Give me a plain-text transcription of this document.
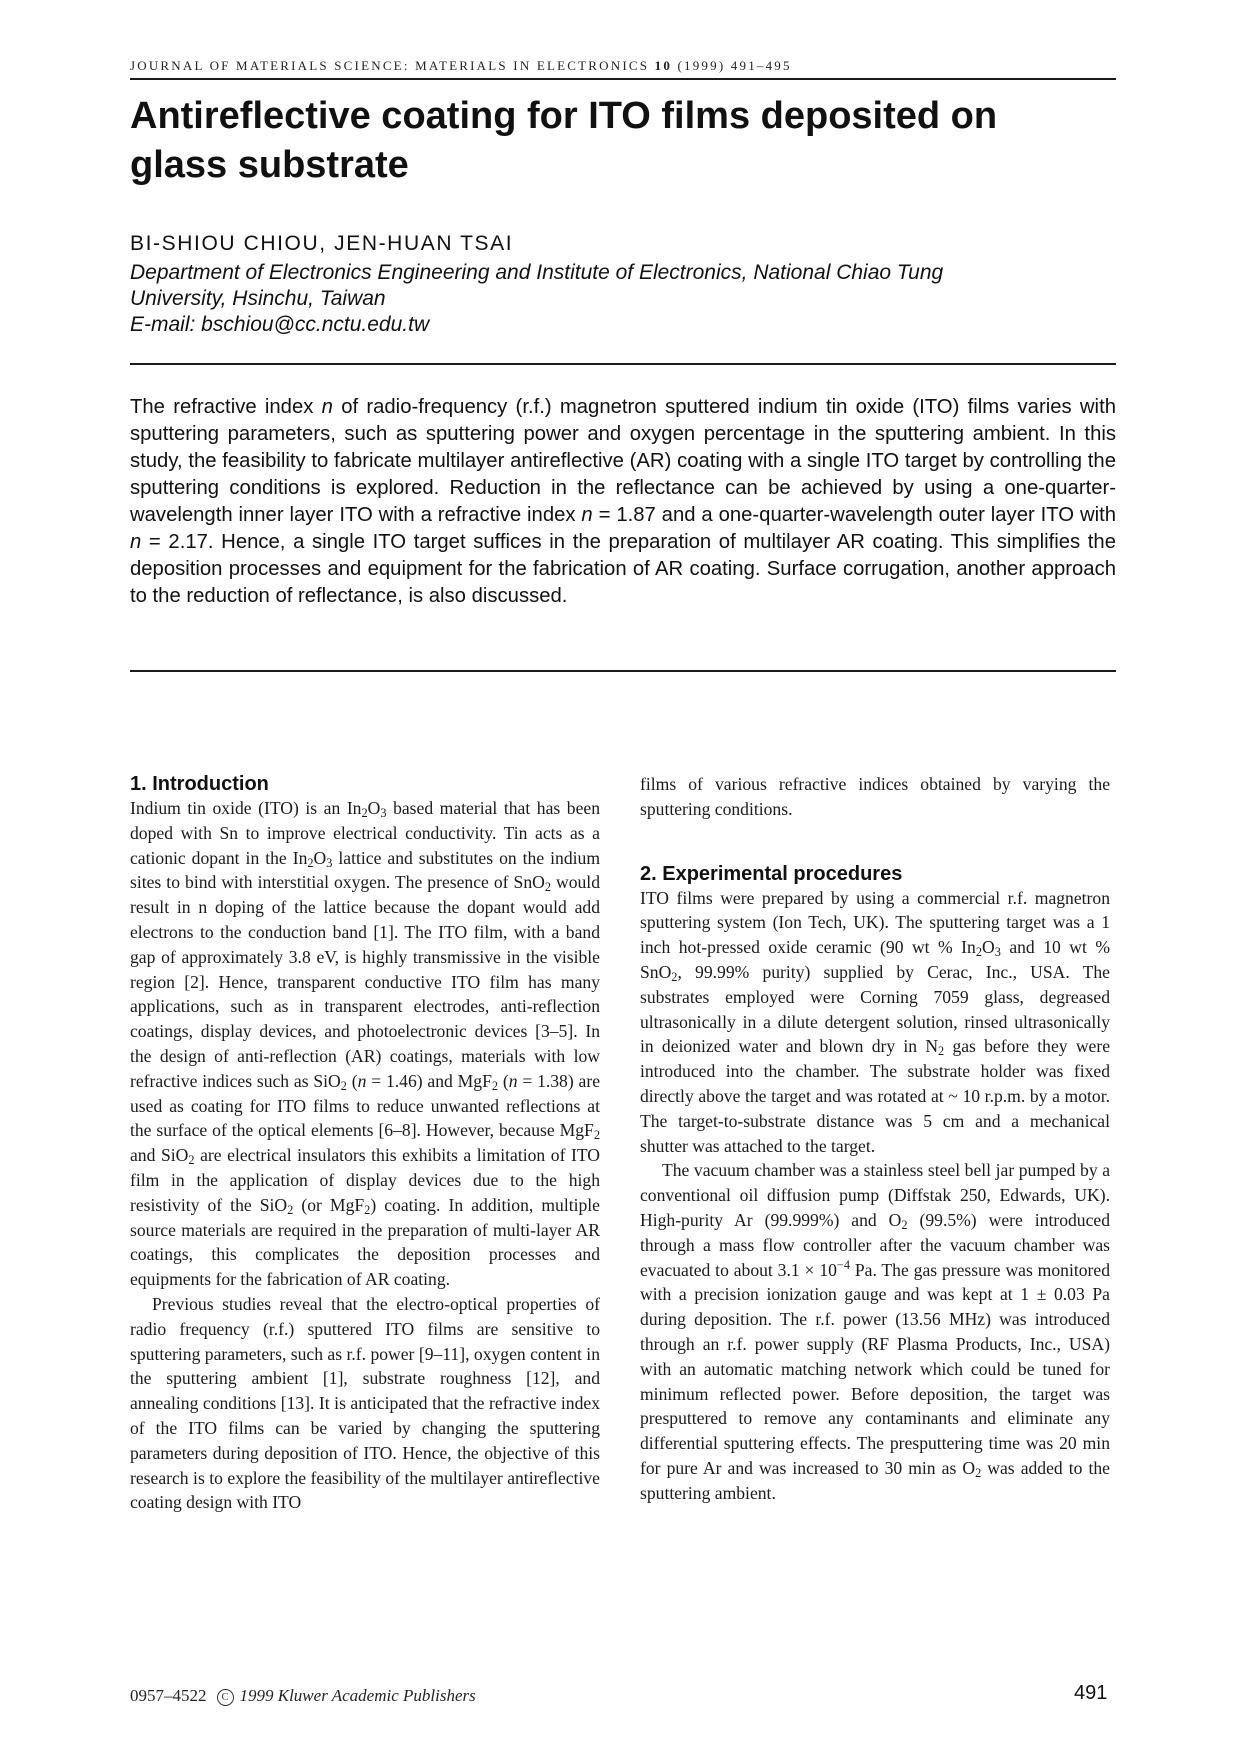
JOURNAL OF MATERIALS SCIENCE: MATERIALS IN ELECTRONICS 10 (1999) 491–495
Antireflective coating for ITO films deposited on
glass substrate
BI-SHIOU CHIOU, JEN-HUAN TSAI
Department of Electronics Engineering and Institute of Electronics, National Chiao Tung
University, Hsinchu, Taiwan
E-mail: bschiou@cc.nctu.edu.tw

The refractive index n of radio-frequency (r.f.) magnetron sputtered indium tin oxide (ITO) films varies with sputtering parameters, such as sputtering power and oxygen percentage in the sputtering ambient. In this study, the feasibility to fabricate multilayer antireflective (AR) coating with a single ITO target by controlling the sputtering conditions is explored. Reduction in the reflectance can be achieved by using a one-quarter-wavelength inner layer ITO with a refractive index n = 1.87 and a one-quarter-wavelength outer layer ITO with n = 2.17. Hence, a single ITO target suffices in the preparation of multilayer AR coating. This simplifies the deposition processes and equipment for the fabrication of AR coating. Surface corrugation, another approach to the reduction of reflectance, is also discussed.

1. Introduction

Indium tin oxide (ITO) is an $In_2O_3$ based material that has been doped with Sn to improve electrical conductivity. Tin acts as a cationic dopant in the $In_2O_3$ lattice and substitutes on the indium sites to bind with interstitial oxygen. The presence of SnO$_2$ would result in n doping of the lattice because the dopant would add electrons to the conduction band [1]. The ITO film, with a band gap of approximately 3.8 eV, is highly transmissive in the visible region [2]. Hence, transparent conductive ITO film has many applications, such as in transparent electrodes, anti-reflection coatings, display devices, and photoelectronic devices [3–5]. In the design of anti-reflection (AR) coatings, materials with low refractive indices such as SiO$_2$ (n = 1.46) and MgF$_2$ (n = 1.38) are used as coating for ITO films to reduce unwanted reflections at the surface of the optical elements [6–8]. However, because MgF$_2$ and SiO$_2$ are electrical insulators this exhibits a limitation of ITO film in the application of display devices due to the high resistivity of the SiO$_2$ (or MgF$_2$) coating. In addition, multiple source materials are required in the preparation of multi-layer AR coatings, this complicates the deposition processes and equipments for the fabrication of AR coating.

Previous studies reveal that the electro-optical properties of radio frequency (r.f.) sputtered ITO films are sensitive to sputtering parameters, such as r.f. power [9–11], oxygen content in the sputtering ambient [1], substrate roughness [12], and annealing conditions [13]. It is anticipated that the refractive index of the ITO films can be varied by changing the sputtering parameters during deposition of ITO. Hence, the objective of this research is to explore the feasibility of the multilayer antireflective coating design with ITO

films of various refractive indices obtained by varying the sputtering conditions.

2. Experimental procedures

ITO films were prepared by using a commercial r.f. magnetron sputtering system (Ion Tech, UK). The sputtering target was a 1 inch hot-pressed oxide ceramic (90 wt % $In_2O_3$ and 10 wt % SnO$_2$, 99.99% purity) supplied by Cerac, Inc., USA. The substrates employed were Corning 7059 glass, degreased ultrasonically in a dilute detergent solution, rinsed ultrasonically in deionized water and blown dry in $N_2$ gas before they were introduced into the chamber. The substrate holder was fixed directly above the target and was rotated at ~ 10 r.p.m. by a motor. The target-to-substrate distance was 5 cm and a mechanical shutter was attached to the target.

The vacuum chamber was a stainless steel bell jar pumped by a conventional oil diffusion pump (Diffstak 250, Edwards, UK). High-purity Ar (99.999%) and $O_2$ (99.5%) were introduced through a mass flow controller after the vacuum chamber was evacuated to about $3.1 \times 10^{-4}$ Pa. The gas pressure was monitored with a precision ionization gauge and was kept at 1 ± 0.03 Pa during deposition. The r.f. power (13.56 MHz) was introduced through an r.f. power supply (RF Plasma Products, Inc., USA) with an automatic matching network which could be tuned for minimum reflected power. Before deposition, the target was presputtered to remove any contaminants and eliminate any differential sputtering effects. The presputtering time was 20 min for pure Ar and was increased to 30 min as $O_2$ was added to the sputtering ambient.

0957–4522 C 1999 Kluwer Academic Publishers	491
